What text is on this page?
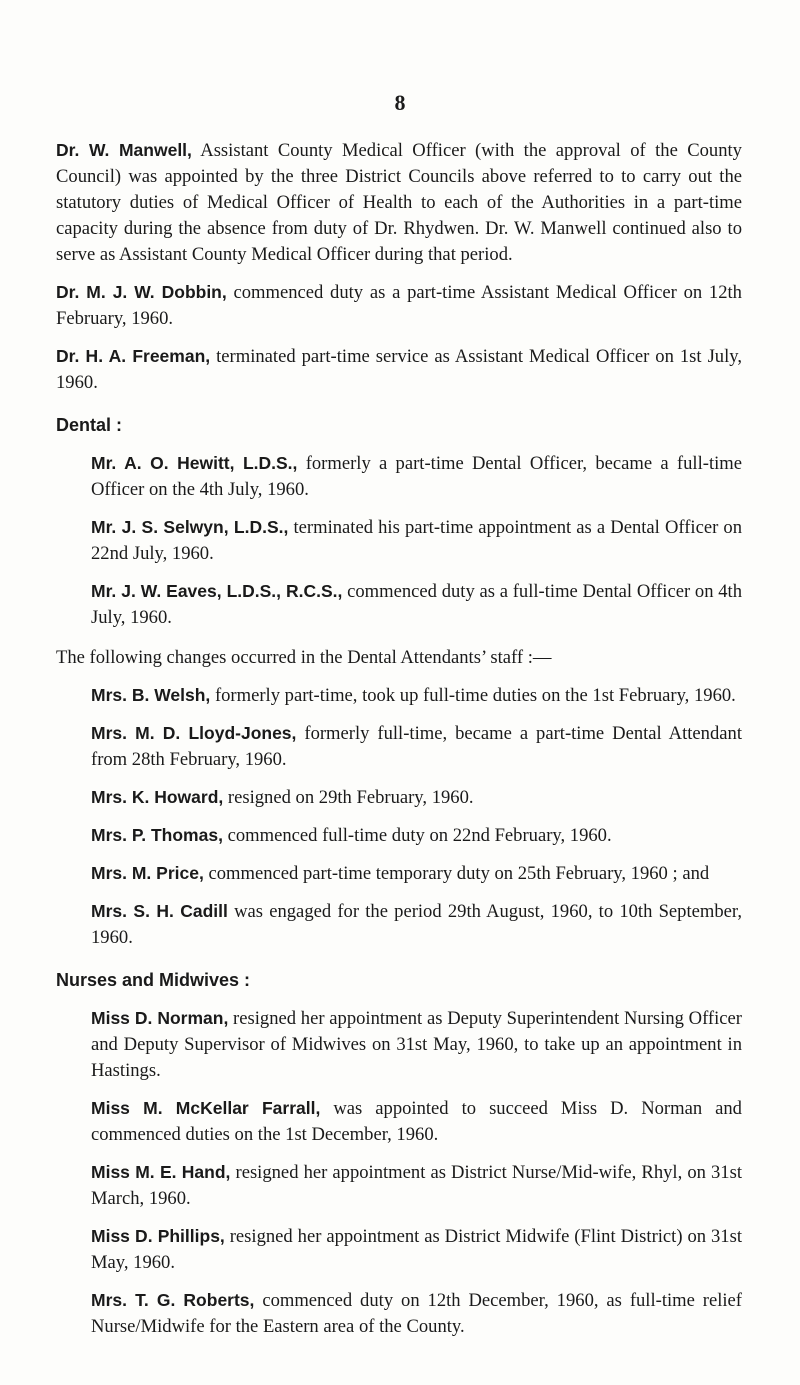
8

Dr. W. Manwell, Assistant County Medical Officer (with the approval of the County Council) was appointed by the three District Councils above referred to to carry out the statutory duties of Medical Officer of Health to each of the Authorities in a part-time capacity during the absence from duty of Dr. Rhydwen. Dr. W. Manwell continued also to serve as Assistant County Medical Officer during that period.

Dr. M. J. W. Dobbin, commenced duty as a part-time Assistant Medical Officer on 12th February, 1960.

Dr. H. A. Freeman, terminated part-time service as Assistant Medical Officer on 1st July, 1960.

Dental :

Mr. A. O. Hewitt, L.D.S., formerly a part-time Dental Officer, became a full-time Officer on the 4th July, 1960.

Mr. J. S. Selwyn, L.D.S., terminated his part-time appointment as a Dental Officer on 22nd July, 1960.

Mr. J. W. Eaves, L.D.S., R.C.S., commenced duty as a full-time Dental Officer on 4th July, 1960.

The following changes occurred in the Dental Attendants’ staff :—

Mrs. B. Welsh, formerly part-time, took up full-time duties on the 1st February, 1960.

Mrs. M. D. Lloyd-Jones, formerly full-time, became a part-time Dental Attendant from 28th February, 1960.

Mrs. K. Howard, resigned on 29th February, 1960.

Mrs. P. Thomas, commenced full-time duty on 22nd February, 1960.

Mrs. M. Price, commenced part-time temporary duty on 25th February, 1960 ; and

Mrs. S. H. Cadill was engaged for the period 29th August, 1960, to 10th September, 1960.

Nurses and Midwives :

Miss D. Norman, resigned her appointment as Deputy Superintendent Nursing Officer and Deputy Supervisor of Midwives on 31st May, 1960, to take up an appointment in Hastings.

Miss M. McKellar Farrall, was appointed to succeed Miss D. Norman and commenced duties on the 1st December, 1960.

Miss M. E. Hand, resigned her appointment as District Nurse/Mid-wife, Rhyl, on 31st March, 1960.

Miss D. Phillips, resigned her appointment as District Midwife (Flint District) on 31st May, 1960.

Mrs. T. G. Roberts, commenced duty on 12th December, 1960, as full-time relief Nurse/Midwife for the Eastern area of the County.
